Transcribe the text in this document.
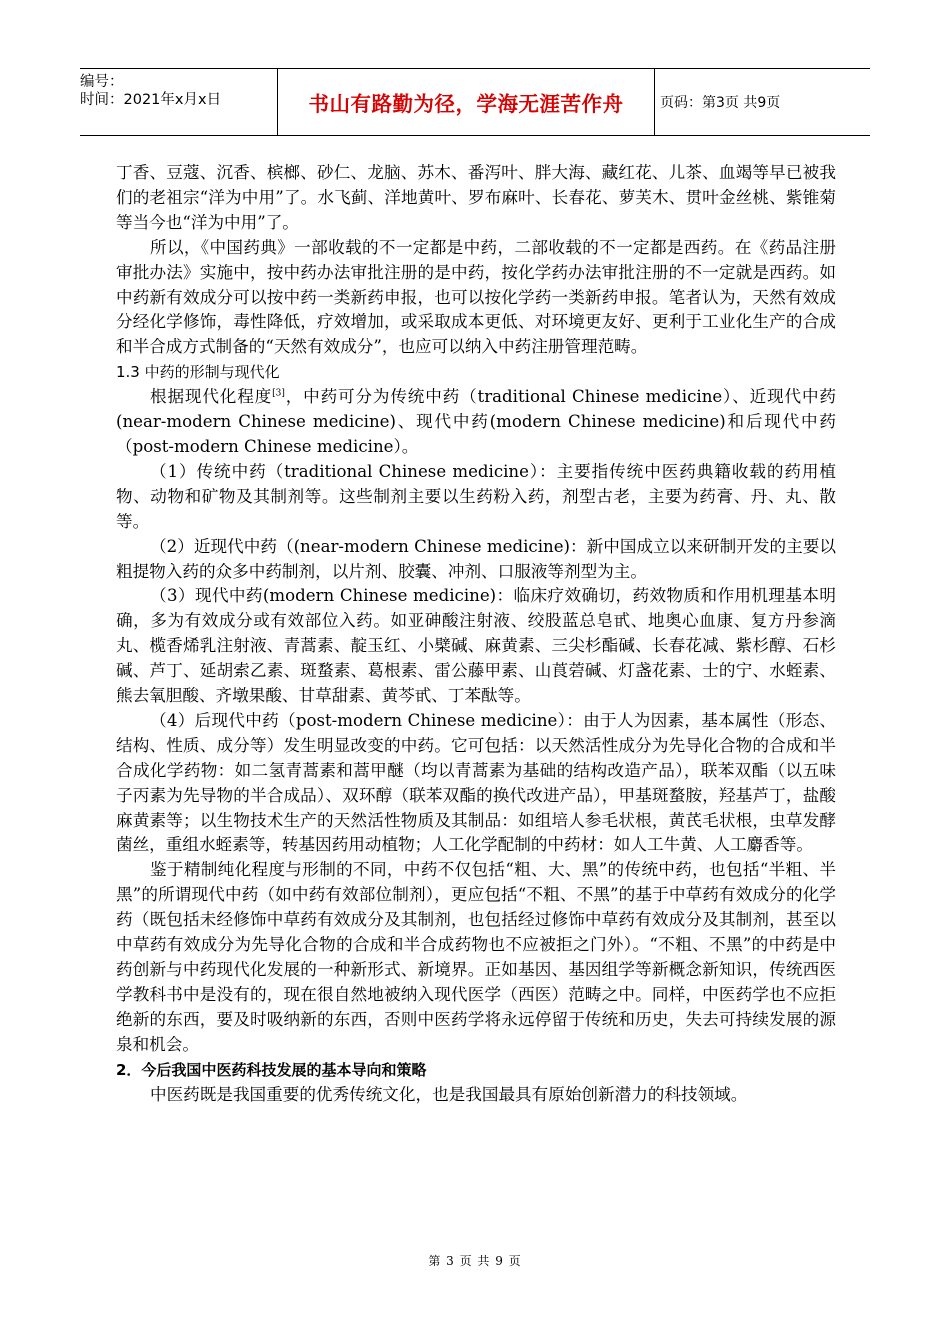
编号：
时间：2021年x月x日	书山有路勤为径，学海无涯苦作舟	页码：第3页 共9页

丁香、豆蔻、沉香、槟榔、砂仁、龙脑、苏木、番泻叶、胖大海、藏红花、儿茶、血竭等早已被我们的老祖宗“洋为中用”了。水飞蓟、洋地黄叶、罗布麻叶、长春花、萝芙木、贯叶金丝桃、紫锥菊等当今也“洋为中用”了。

所以，《中国药典》一部收载的不一定都是中药，二部收载的不一定都是西药。在《药品注册审批办法》实施中，按中药办法审批注册的是中药，按化学药办法审批注册的不一定就是西药。如中药新有效成分可以按中药一类新药申报，也可以按化学药一类新药申报。笔者认为，天然有效成分经化学修饰，毒性降低，疗效增加，或采取成本更低、对环境更友好、更利于工业化生产的合成和半合成方式制备的“天然有效成分”，也应可以纳入中药注册管理范畴。

1.3 中药的形制与现代化

根据现代化程度[3]，中药可分为传统中药（traditional Chinese medicine）、近现代中药(near-modern Chinese medicine)、现代中药(modern Chinese medicine)和后现代中药（post-modern Chinese medicine）。

（1）传统中药（traditional Chinese medicine）：主要指传统中医药典籍收载的药用植物、动物和矿物及其制剂等。这些制剂主要以生药粉入药，剂型古老，主要为药膏、丹、丸、散等。

（2）近现代中药（(near-modern Chinese medicine)：新中国成立以来研制开发的主要以粗提物入药的众多中药制剂，以片剂、胶囊、冲剂、口服液等剂型为主。

（3）现代中药(modern Chinese medicine)：临床疗效确切，药效物质和作用机理基本明确，多为有效成分或有效部位入药。如亚砷酸注射液、绞股蓝总皂甙、地奥心血康、复方丹参滴丸、榄香烯乳注射液、青蒿素、靛玉红、小檗碱、麻黄素、三尖杉酯碱、长春花减、紫杉醇、石杉碱、芦丁、延胡索乙素、斑蝥素、葛根素、雷公藤甲素、山莨菪碱、灯盏花素、士的宁、水蛭素、熊去氧胆酸、齐墩果酸、甘草甜素、黄芩甙、丁苯酞等。

（4）后现代中药（post-modern Chinese medicine）：由于人为因素，基本属性（形态、结构、性质、成分等）发生明显改变的中药。它可包括：以天然活性成分为先导化合物的合成和半合成化学药物：如二氢青蒿素和蒿甲醚（均以青蒿素为基础的结构改造产品），联苯双酯（以五味子丙素为先导物的半合成品）、双环醇（联苯双酯的换代改进产品），甲基斑蝥胺，羟基芦丁，盐酸麻黄素等；以生物技术生产的天然活性物质及其制品：如组培人参毛状根，黄芪毛状根，虫草发酵菌丝，重组水蛭素等，转基因药用动植物；人工化学配制的中药材：如人工牛黄、人工麝香等。

鉴于精制纯化程度与形制的不同，中药不仅包括“粗、大、黑”的传统中药，也包括“半粗、半黑”的所谓现代中药（如中药有效部位制剂），更应包括“不粗、不黑”的基于中草药有效成分的化学药（既包括未经修饰中草药有效成分及其制剂，也包括经过修饰中草药有效成分及其制剂，甚至以中草药有效成分为先导化合物的合成和半合成药物也不应被拒之门外）。“不粗、不黑”的中药是中药创新与中药现代化发展的一种新形式、新境界。正如基因、基因组学等新概念新知识，传统西医学教科书中是没有的，现在很自然地被纳入现代医学（西医）范畴之中。同样，中医药学也不应拒绝新的东西，要及时吸纳新的东西，否则中医药学将永远停留于传统和历史，失去可持续发展的源泉和机会。

2．今后我国中医药科技发展的基本导向和策略

中医药既是我国重要的优秀传统文化，也是我国最具有原始创新潜力的科技领域。

第 3 页 共 9 页
